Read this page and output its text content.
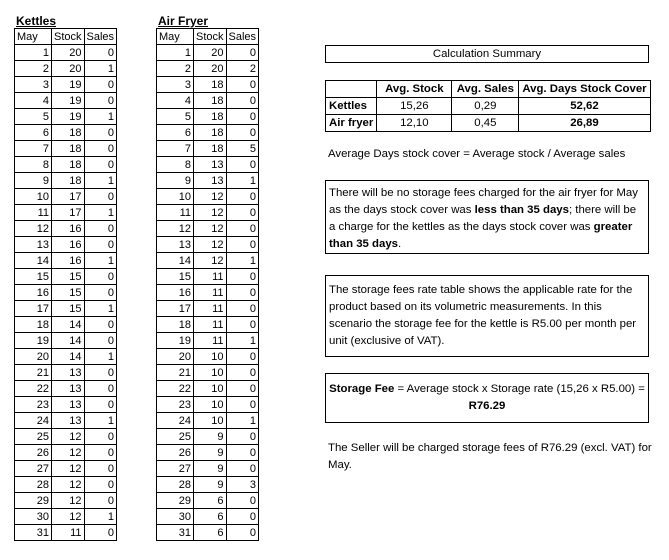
Kettles
May	Stock	Sales
1	20	0
2	20	1
3	19	0
4	19	0
5	19	1
6	18	0
7	18	0
8	18	0
9	18	1
10	17	0
11	17	1
12	16	0
13	16	0
14	16	1
15	15	0
16	15	0
17	15	1
18	14	0
19	14	0
20	14	1
21	13	0
22	13	0
23	13	0
24	13	1
25	12	0
26	12	0
27	12	0
28	12	0
29	12	0
30	12	1
31	11	0
Air Fryer
May	Stock	Sales
1	20	0
2	20	2
3	18	0
4	18	0
5	18	0
6	18	0
7	18	5
8	13	0
9	13	1
10	12	0
11	12	0
12	12	0
13	12	0
14	12	1
15	11	0
16	11	0
17	11	0
18	11	0
19	11	1
20	10	0
21	10	0
22	10	0
23	10	0
24	10	1
25	9	0
26	9	0
27	9	0
28	9	3
29	6	0
30	6	0
31	6	0
Calculation Summary
	Avg. Stock	Avg. Sales	Avg. Days Stock Cover
Kettles	15,26	0,29	52,62
Air fryer	12,10	0,45	26,89
Average Days stock cover = Average stock / Average sales
There will be no storage fees charged for the air fryer for May as the days stock cover was less than 35 days; there will be a charge for the kettles as the days stock cover was greater than 35 days.
The storage fees rate table shows the applicable rate for the product based on its volumetric measurements. In this scenario the storage fee for the kettle is R5.00 per month per unit (exclusive of VAT).
Storage Fee = Average stock x Storage rate (15,26 x R5.00) =
R76.29
The Seller will be charged storage fees of R76.29 (excl. VAT) for May.
